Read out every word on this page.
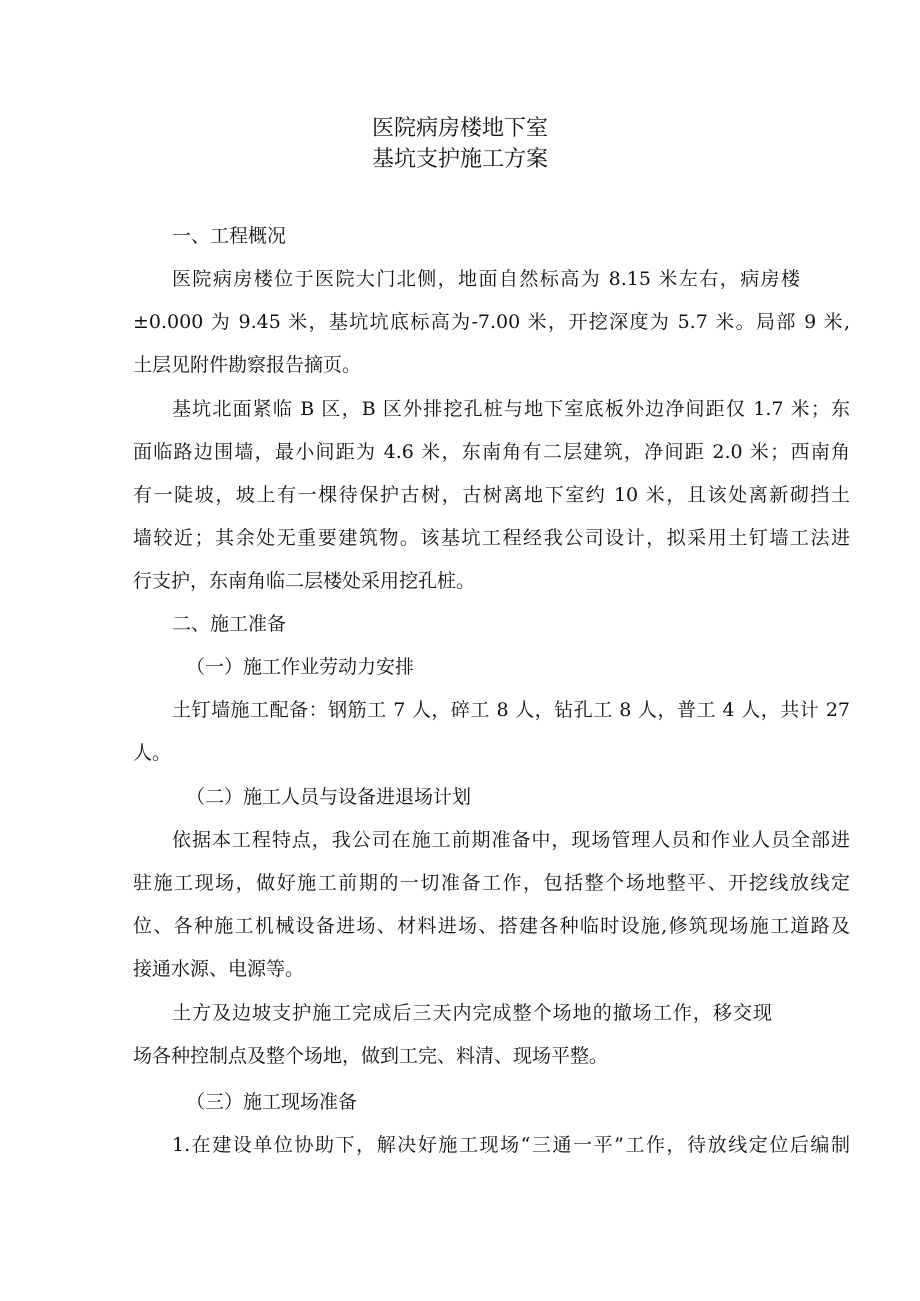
医院病房楼地下室
基坑支护施工方案

一、工程概况

医院病房楼位于医院大门北侧，地面自然标高为 8.15 米左右，病房楼

±0.000 为 9.45 米，基坑坑底标高为-7.00 米，开挖深度为 5.7 米。局部 9 米,

土层见附件勘察报告摘页。

基坑北面紧临 B 区，B 区外排挖孔桩与地下室底板外边净间距仅 1.7 米；东

面临路边围墙，最小间距为 4.6 米，东南角有二层建筑，净间距 2.0 米；西南角

有一陡坡，坡上有一棵待保护古树，古树离地下室约 10 米，且该处离新砌挡土

墙较近；其余处无重要建筑物。该基坑工程经我公司设计，拟采用土钉墙工法进

行支护，东南角临二层楼处采用挖孔桩。

二、施工准备

（一）施工作业劳动力安排

土钉墙施工配备：钢筋工 7 人，碎工 8 人，钻孔工 8 人，普工 4 人，共计 27

人。

（二）施工人员与设备进退场计划

依据本工程特点，我公司在施工前期准备中，现场管理人员和作业人员全部进

驻施工现场，做好施工前期的一切准备工作，包括整个场地整平、开挖线放线定

位、各种施工机械设备进场、材料进场、搭建各种临时设施,修筑现场施工道路及

接通水源、电源等。

土方及边坡支护施工完成后三天内完成整个场地的撤场工作，移交现

场各种控制点及整个场地，做到工完、料清、现场平整。

（三）施工现场准备

1.在建设单位协助下，解决好施工现场“三通一平”工作，待放线定位后编制
